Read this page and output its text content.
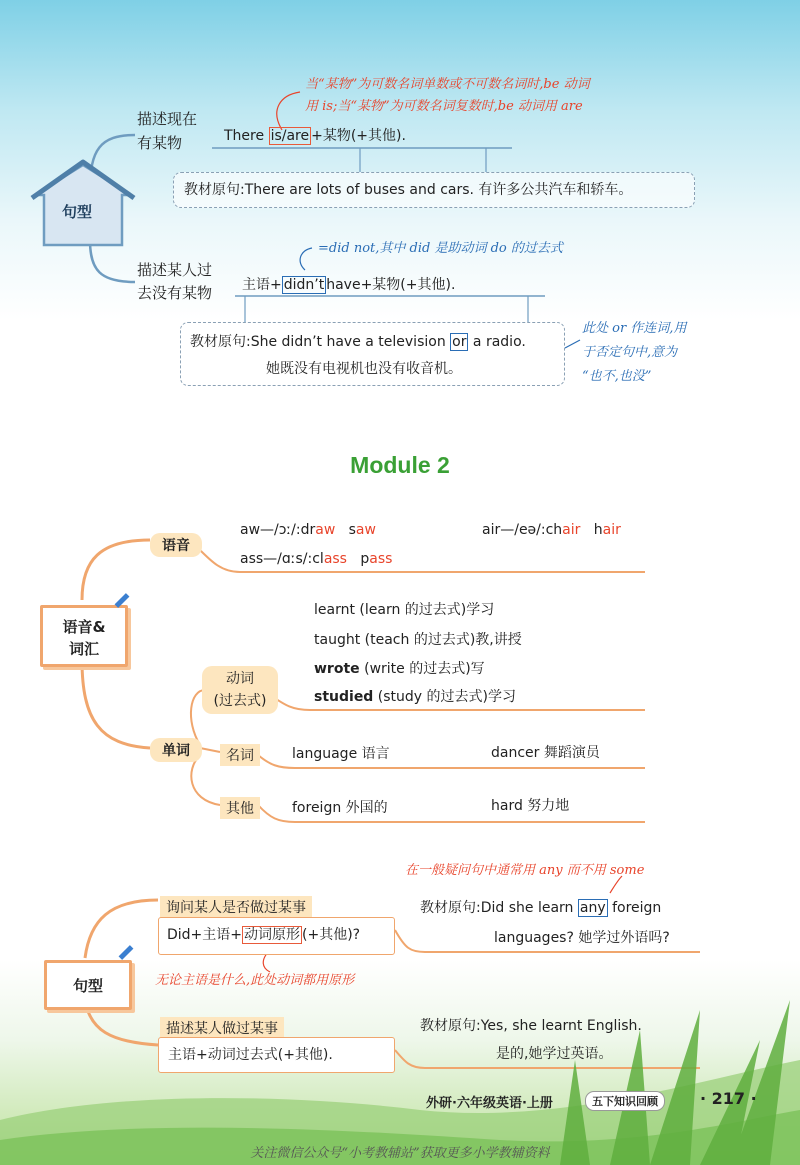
句型
描述现在
有某物
当“某物”为可数名词单数或不可数名词时,be 动词
用 is;当“某物”为可数名词复数时,be 动词用 are
There is/are +某物(+其他).
教材原句:There are lots of buses and cars. 有许多公共汽车和轿车。
描述某人过
去没有某物
=did not,其中 did 是助动词 do 的过去式
主语+ didn’t have+某物(+其他).
教材原句:She didn’t have a television or a radio.
她既没有电视机也没有收音机。
此处 or 作连词,用
于否定句中,意为
“也不,也没”
Module 2
语音&
词汇
语音
aw—/ɔː/:draw saw	air—/eə/:chair hair
ass—/ɑːs/:class pass
动词
(过去式)
learnt (learn 的过去式)学习
taught (teach 的过去式)教,讲授
wrote (write 的过去式)写
studied (study 的过去式)学习
单词	名词	language 语言	dancer 舞蹈演员
其他	foreign 外国的	hard 努力地
句型
在一般疑问句中通常用 any 而不用 some
询问某人是否做过某事
Did+主语+ 动词原形 (+其他)?
无论主语是什么,此处动词都用原形
教材原句:Did she learn any foreign
languages? 她学过外语吗?
描述某人做过某事
主语+动词过去式(+其他).
教材原句:Yes, she learnt English.
是的,她学过英语。
外研·六年级英语·上册	五下知识回顾	· 217 ·
关注微信公众号“小考教辅站”获取更多小学教辅资料
